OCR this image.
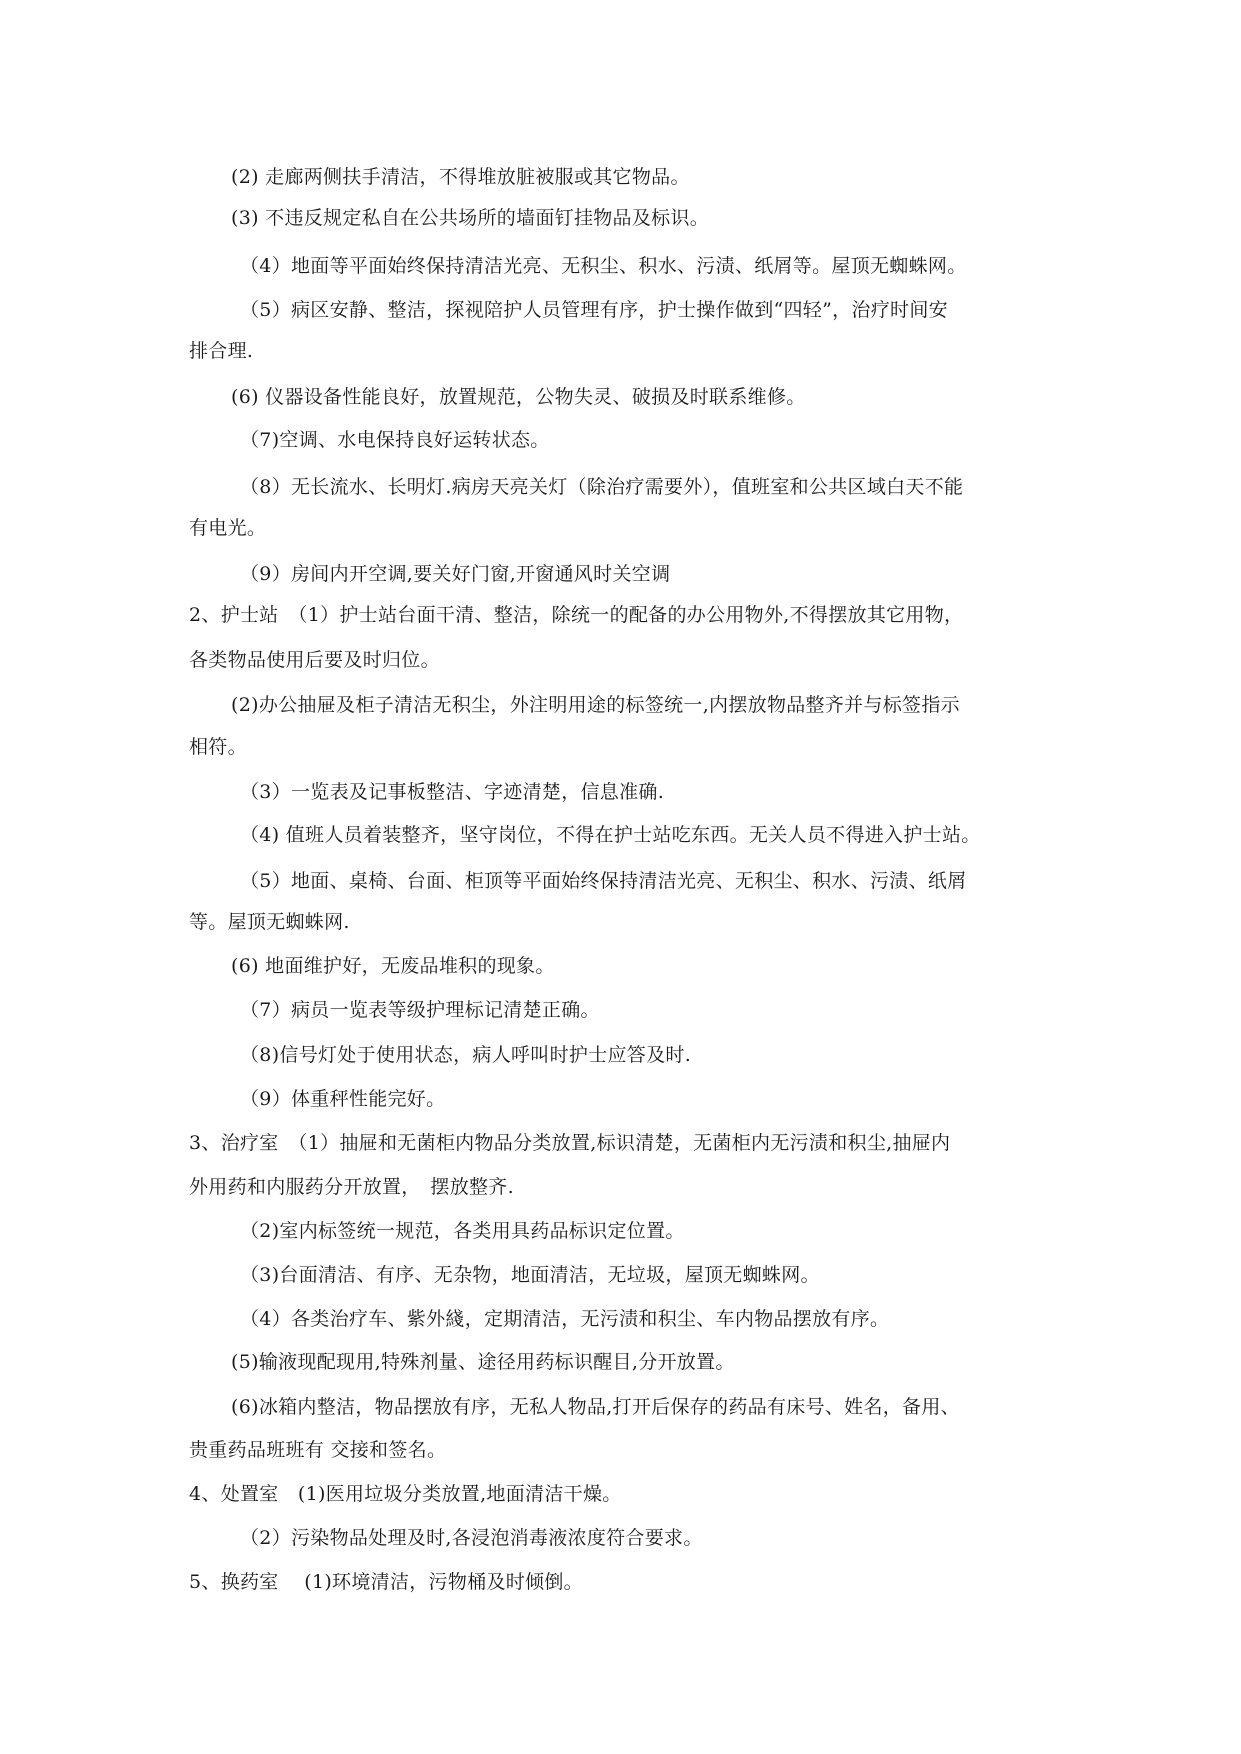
(2) 走廊两侧扶手清洁，不得堆放脏被服或其它物品。
(3) 不违反规定私自在公共场所的墙面钉挂物品及标识。
（4）地面等平面始终保持清洁光亮、无积尘、积水、污渍、纸屑等。屋顶无蜘蛛网。
（5）病区安静、整洁，探视陪护人员管理有序，护士操作做到“四轻”，治疗时间安
排合理.
(6) 仪器设备性能良好，放置规范，公物失灵、破损及时联系维修。
（7)空调、水电保持良好运转状态。
（8）无长流水、长明灯.病房天亮关灯（除治疗需要外），值班室和公共区域白天不能
有电光。
（9）房间内开空调,要关好门窗,开窗通风时关空调
2、护士站　（1）护士站台面干清、整洁，除统一的配备的办公用物外,不得摆放其它用物，
各类物品使用后要及时归位。
(2)办公抽屉及柜子清洁无积尘，外注明用途的标签统一,内摆放物品整齐并与标签指示
相符。
（3）一览表及记事板整洁、字迹清楚，信息准确.
（4) 值班人员着装整齐，坚守岗位，不得在护士站吃东西。无关人员不得进入护士站。
（5）地面、桌椅、台面、柜顶等平面始终保持清洁光亮、无积尘、积水、污渍、纸屑
等。屋顶无蜘蛛网.
(6) 地面维护好，无废品堆积的现象。
（7）病员一览表等级护理标记清楚正确。
（8)信号灯处于使用状态，病人呼叫时护士应答及时.
（9）体重秤性能完好。
3、治疗室　（1）抽屉和无菌柜内物品分类放置,标识清楚，无菌柜内无污渍和积尘,抽屉内
外用药和内服药分开放置，　摆放整齐.
（2)室内标签统一规范，各类用具药品标识定位置。
（3)台面清洁、有序、无杂物，地面清洁，无垃圾，屋顶无蜘蛛网。
（4）各类治疗车、紫外綫，定期清洁，无污渍和积尘、车内物品摆放有序。
(5)输液现配现用,特殊剂量、途径用药标识醒目,分开放置。
(6)冰箱内整洁，物品摆放有序，无私人物品,打开后保存的药品有床号、姓名，备用、
贵重药品班班有 交接和签名。
4、处置室　(1)医用垃圾分类放置,地面清洁干燥。
（2）污染物品处理及时,各浸泡消毒液浓度符合要求。
5、换药室　 (1)环境清洁，污物桶及时倾倒。
